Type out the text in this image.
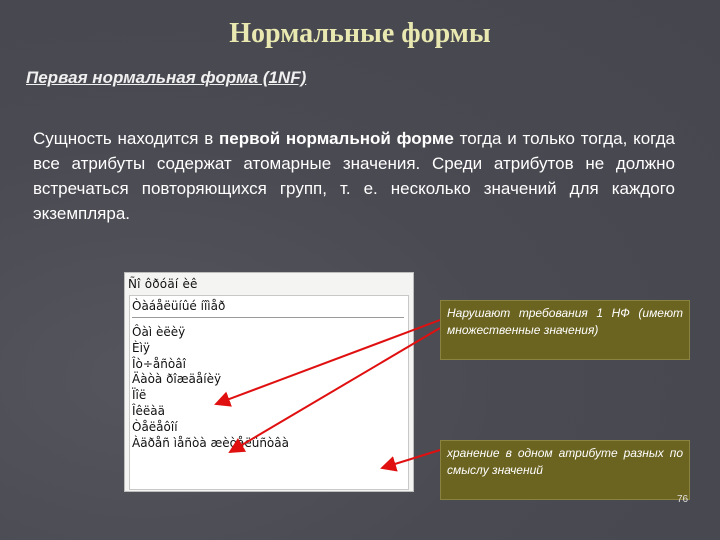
Нормальные формы
Первая нормальная форма (1NF)
Сущность находится в первой нормальной форме тогда и только тогда, когда все атрибуты содержат атомарные значения. Среди атрибутов не должно встречаться повторяющихся групп, т. е. несколько значений для каждого экземпляра.
Ñî ôðóäí èê
Òàáåëüíûé íîìåð
Ôàì èëèÿ
Èìÿ
Îò÷åñòâî
Äàòà ðîæäåíèÿ
Ïîë
Îêëàä
Òåëåôîí
Àäðåñ ìåñòà æèòåëüñòâà
Нарушают требования 1 НФ (имеют множественные значения)
хранение в одном атрибуте разных по смыслу значений
76
